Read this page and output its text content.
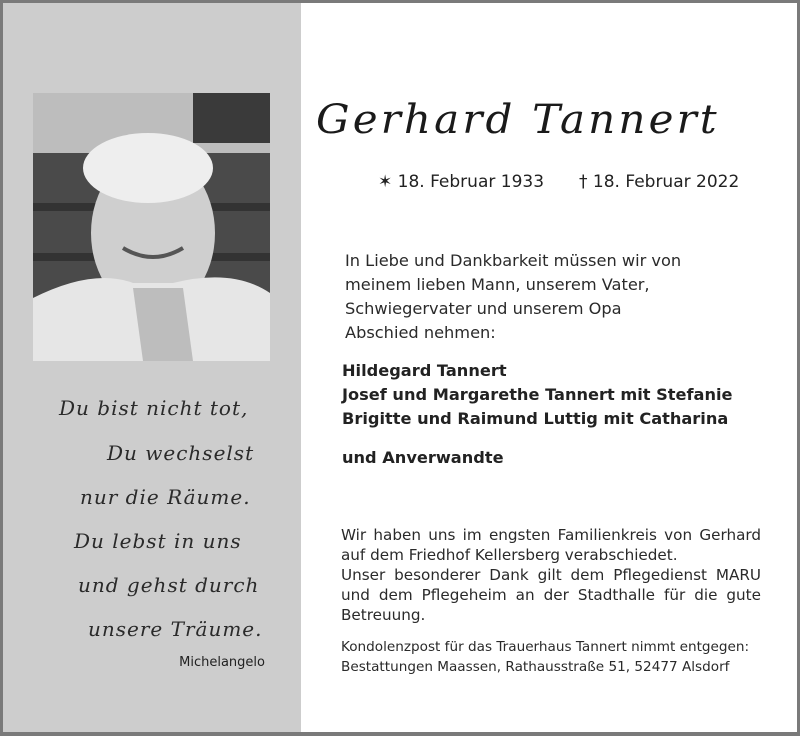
Du bist nicht tot,
Du wechselst
nur die Räume.
Du lebst in uns
und gehst durch
unsere Träume.
Michelangelo
Gerhard Tannert
✶ 18. Februar 1933 † 18. Februar 2022
In Liebe und Dankbarkeit müssen wir von
meinem lieben Mann, unserem Vater,
Schwiegervater und unserem Opa
Abschied nehmen:
Hildegard Tannert
Josef und Margarethe Tannert mit Stefanie
Brigitte und Raimund Luttig mit Catharina
und Anverwandte
Wir haben uns im engsten Familienkreis von Gerhard auf dem Friedhof Kellersberg verabschiedet.
Unser besonderer Dank gilt dem Pflegedienst MARU und dem Pflegeheim an der Stadthalle für die gute Betreuung.
Kondolenzpost für das Trauerhaus Tannert nimmt entgegen:
Bestattungen Maassen, Rathausstraße 51, 52477 Alsdorf
